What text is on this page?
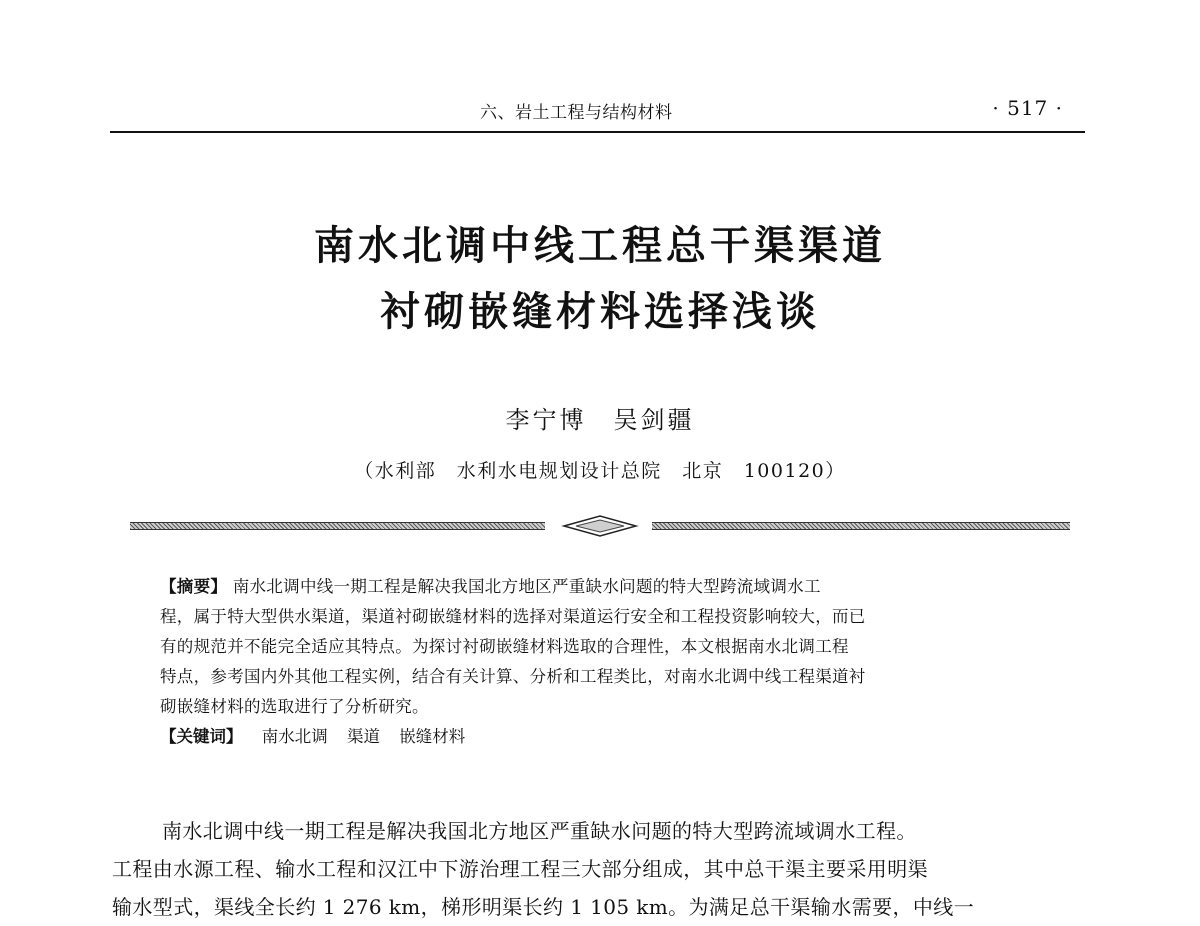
六、岩土工程与结构材料	· 517 ·
南水北调中线工程总干渠渠道
衬砌嵌缝材料选择浅谈
李宁博　吴剑疆
（水利部　水利水电规划设计总院　北京　100120）
【摘要】 南水北调中线一期工程是解决我国北方地区严重缺水问题的特大型跨流域调水工
程，属于特大型供水渠道，渠道衬砌嵌缝材料的选择对渠道运行安全和工程投资影响较大，而已
有的规范并不能完全适应其特点。为探讨衬砌嵌缝材料选取的合理性，本文根据南水北调工程
特点，参考国内外其他工程实例，结合有关计算、分析和工程类比，对南水北调中线工程渠道衬
砌嵌缝材料的选取进行了分析研究。
【关键词】 南水北调 渠道 嵌缝材料
南水北调中线一期工程是解决我国北方地区严重缺水问题的特大型跨流域调水工程。
工程由水源工程、输水工程和汉江中下游治理工程三大部分组成，其中总干渠主要采用明渠
输水型式，渠线全长约 1 276 km，梯形明渠长约 1 105 km。为满足总干渠输水需要，中线一
